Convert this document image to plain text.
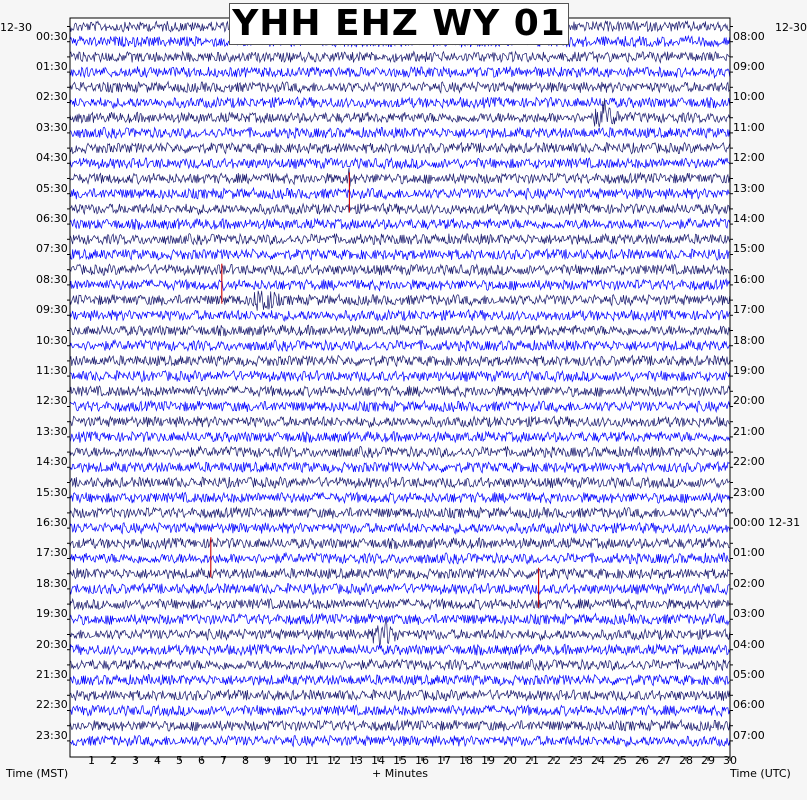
YHH EHZ WY 01
12-30	12-30
Time (MST)	+ Minutes	Time (UTC)
00:30
01:30
02:30
03:30
04:30
05:30
06:30
07:30
08:30
09:30
10:30
11:30
12:30
13:30
14:30
15:30
16:30
17:30
18:30
19:30
20:30
21:30
22:30
23:30
08:00
09:00
10:00
11:00
12:00
13:00
14:00
15:00
16:00
17:00
18:00
19:00
20:00
21:00
22:00
23:00
00:00 12-31
01:00
02:00
03:00
04:00
05:00
06:00
07:00
1 2 3 4 5 6 7 8 9 10 11 12 13 14 15 16 17 18 19 20 21 22 23 24 25 26 27 28 29 30
